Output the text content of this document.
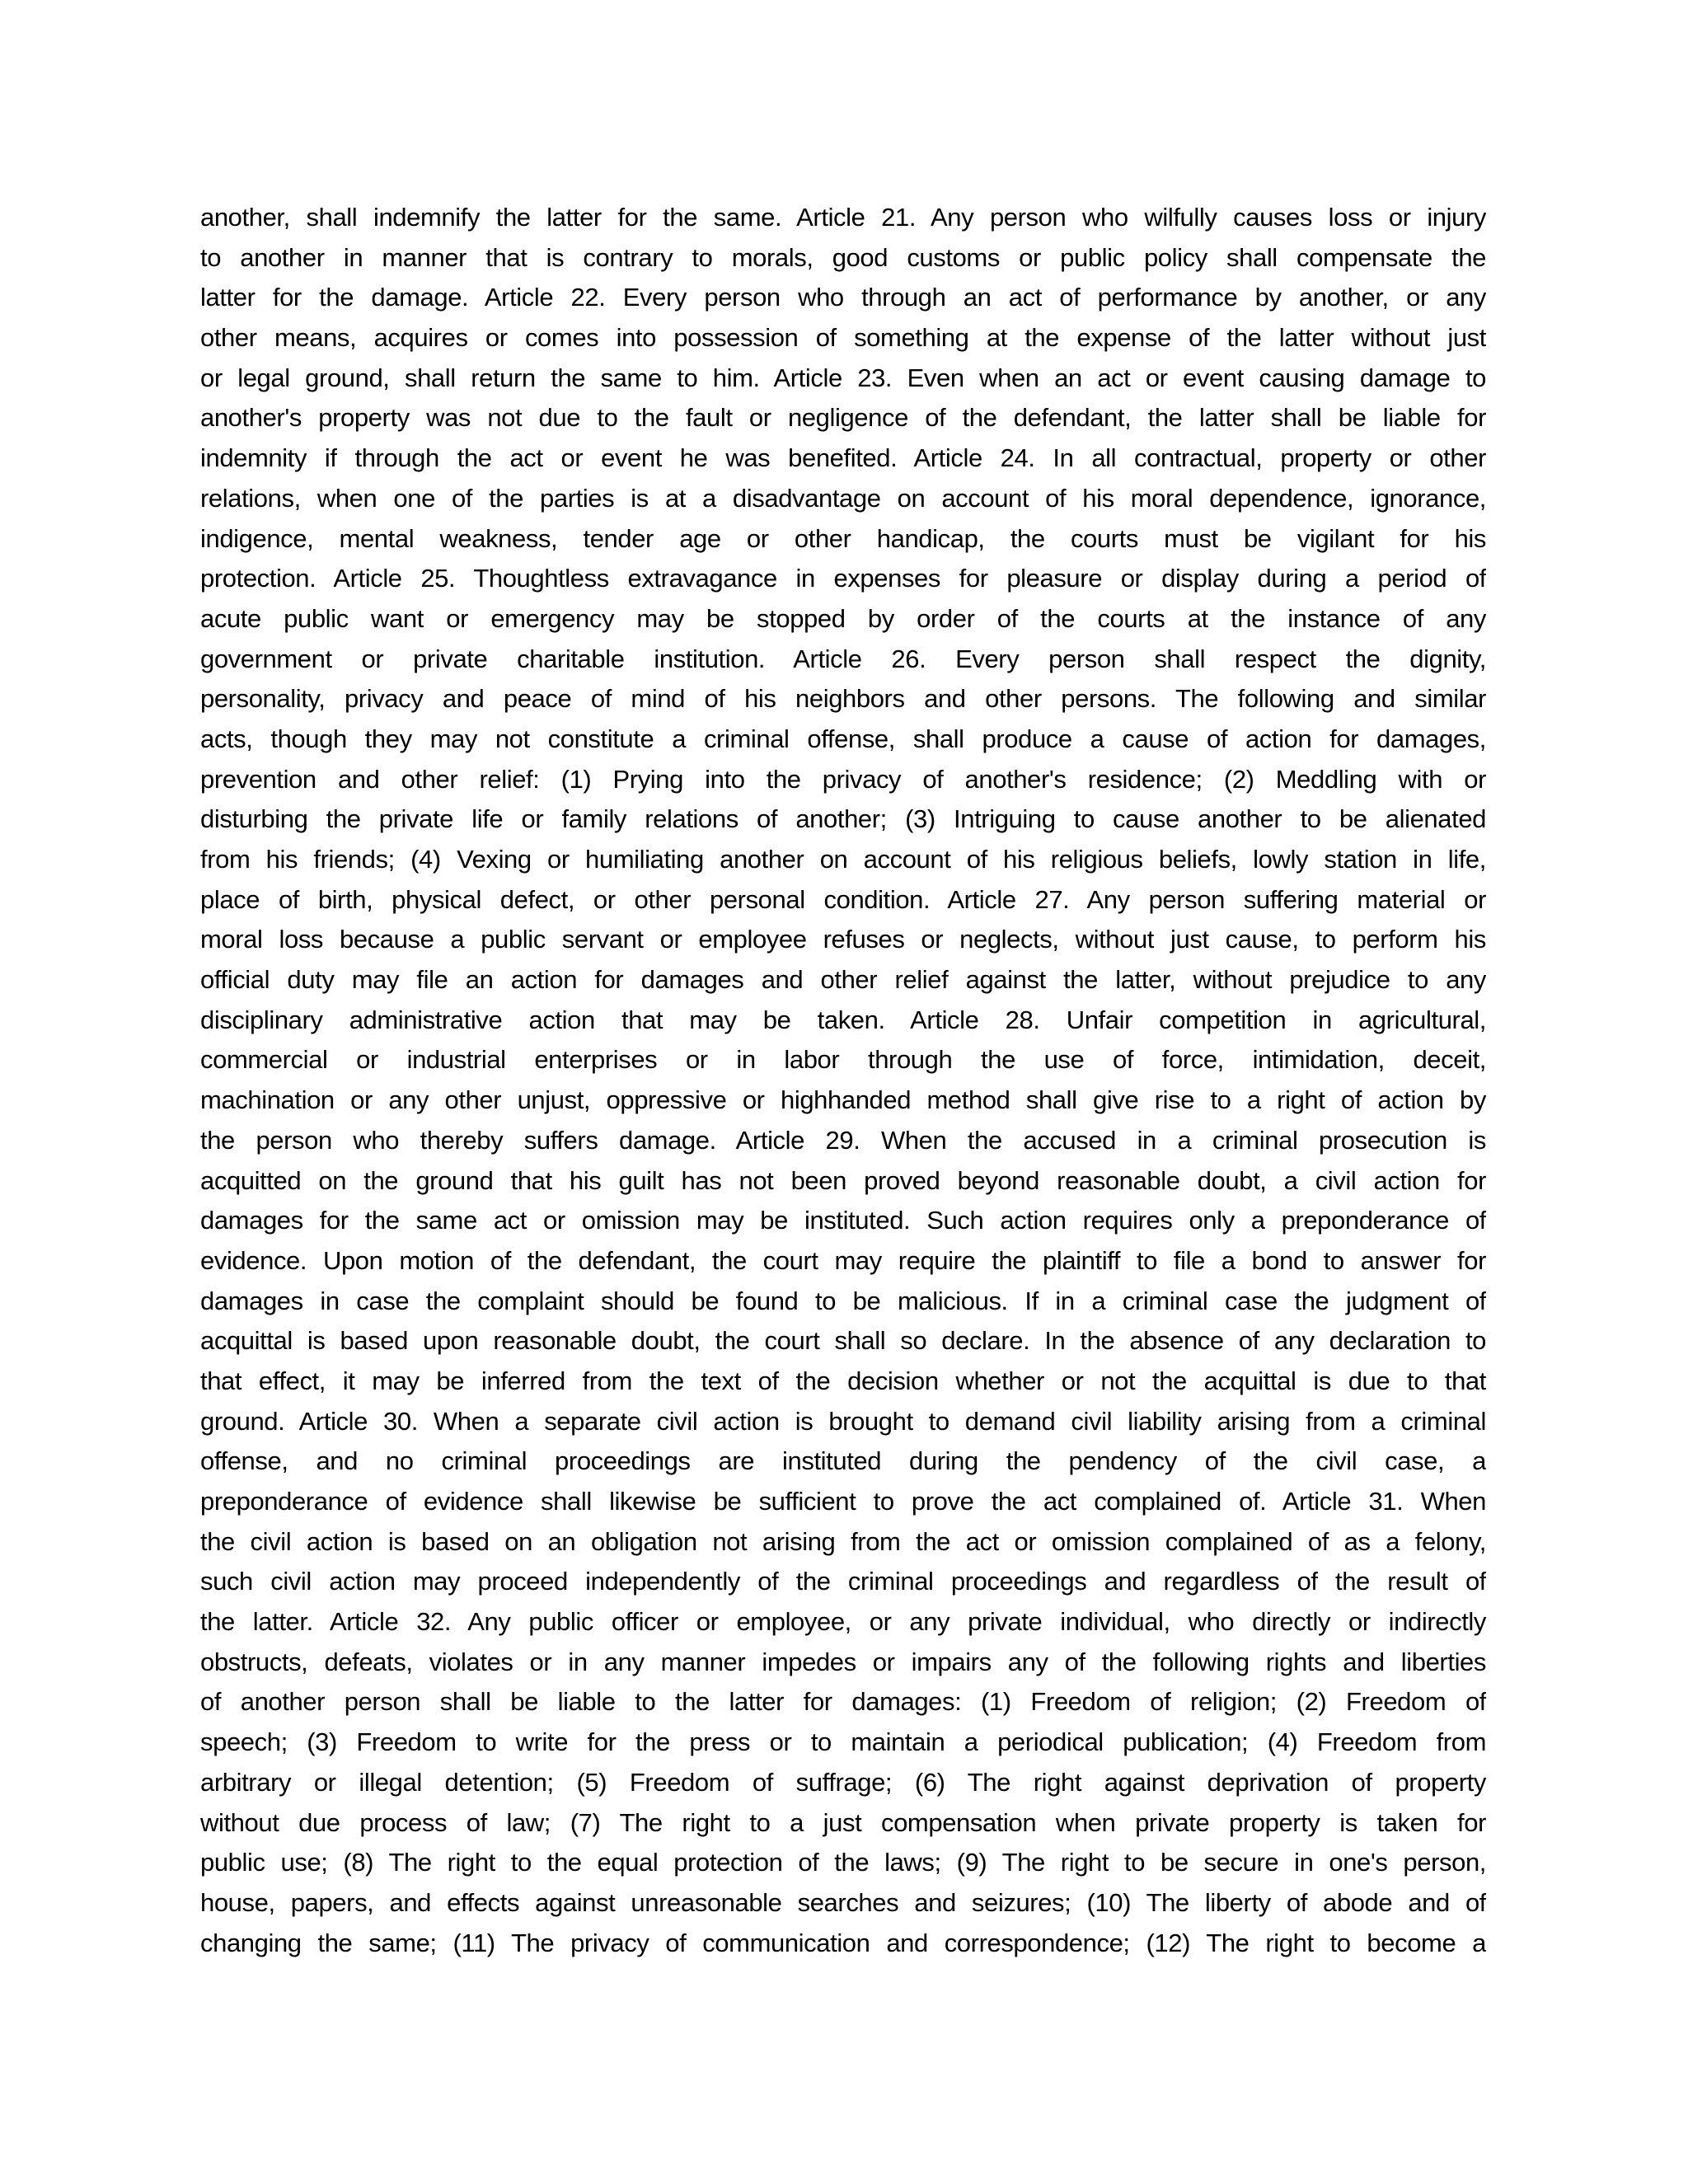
another, shall indemnify the latter for the same. Article 21. Any person who wilfully causes loss or injury
to another in manner that is contrary to morals, good customs or public policy shall compensate the
latter for the damage. Article 22. Every person who through an act of performance by another, or any
other means, acquires or comes into possession of something at the expense of the latter without just
or legal ground, shall return the same to him. Article 23. Even when an act or event causing damage to
another's property was not due to the fault or negligence of the defendant, the latter shall be liable for
indemnity if through the act or event he was benefited. Article 24. In all contractual, property or other
relations, when one of the parties is at a disadvantage on account of his moral dependence, ignorance,
indigence, mental weakness, tender age or other handicap, the courts must be vigilant for his
protection. Article 25. Thoughtless extravagance in expenses for pleasure or display during a period of
acute public want or emergency may be stopped by order of the courts at the instance of any
government or private charitable institution. Article 26. Every person shall respect the dignity,
personality, privacy and peace of mind of his neighbors and other persons. The following and similar
acts, though they may not constitute a criminal offense, shall produce a cause of action for damages,
prevention and other relief: (1) Prying into the privacy of another's residence; (2) Meddling with or
disturbing the private life or family relations of another; (3) Intriguing to cause another to be alienated
from his friends; (4) Vexing or humiliating another on account of his religious beliefs, lowly station in life,
place of birth, physical defect, or other personal condition. Article 27. Any person suffering material or
moral loss because a public servant or employee refuses or neglects, without just cause, to perform his
official duty may file an action for damages and other relief against the latter, without prejudice to any
disciplinary administrative action that may be taken. Article 28. Unfair competition in agricultural,
commercial or industrial enterprises or in labor through the use of force, intimidation, deceit,
machination or any other unjust, oppressive or highhanded method shall give rise to a right of action by
the person who thereby suffers damage. Article 29. When the accused in a criminal prosecution is
acquitted on the ground that his guilt has not been proved beyond reasonable doubt, a civil action for
damages for the same act or omission may be instituted. Such action requires only a preponderance of
evidence. Upon motion of the defendant, the court may require the plaintiff to file a bond to answer for
damages in case the complaint should be found to be malicious. If in a criminal case the judgment of
acquittal is based upon reasonable doubt, the court shall so declare. In the absence of any declaration to
that effect, it may be inferred from the text of the decision whether or not the acquittal is due to that
ground. Article 30. When a separate civil action is brought to demand civil liability arising from a criminal
offense, and no criminal proceedings are instituted during the pendency of the civil case, a
preponderance of evidence shall likewise be sufficient to prove the act complained of. Article 31. When
the civil action is based on an obligation not arising from the act or omission complained of as a felony,
such civil action may proceed independently of the criminal proceedings and regardless of the result of
the latter. Article 32. Any public officer or employee, or any private individual, who directly or indirectly
obstructs, defeats, violates or in any manner impedes or impairs any of the following rights and liberties
of another person shall be liable to the latter for damages: (1) Freedom of religion; (2) Freedom of
speech; (3) Freedom to write for the press or to maintain a periodical publication; (4) Freedom from
arbitrary or illegal detention; (5) Freedom of suffrage; (6) The right against deprivation of property
without due process of law; (7) The right to a just compensation when private property is taken for
public use; (8) The right to the equal protection of the laws; (9) The right to be secure in one's person,
house, papers, and effects against unreasonable searches and seizures; (10) The liberty of abode and of
changing the same; (11) The privacy of communication and correspondence; (12) The right to become a
